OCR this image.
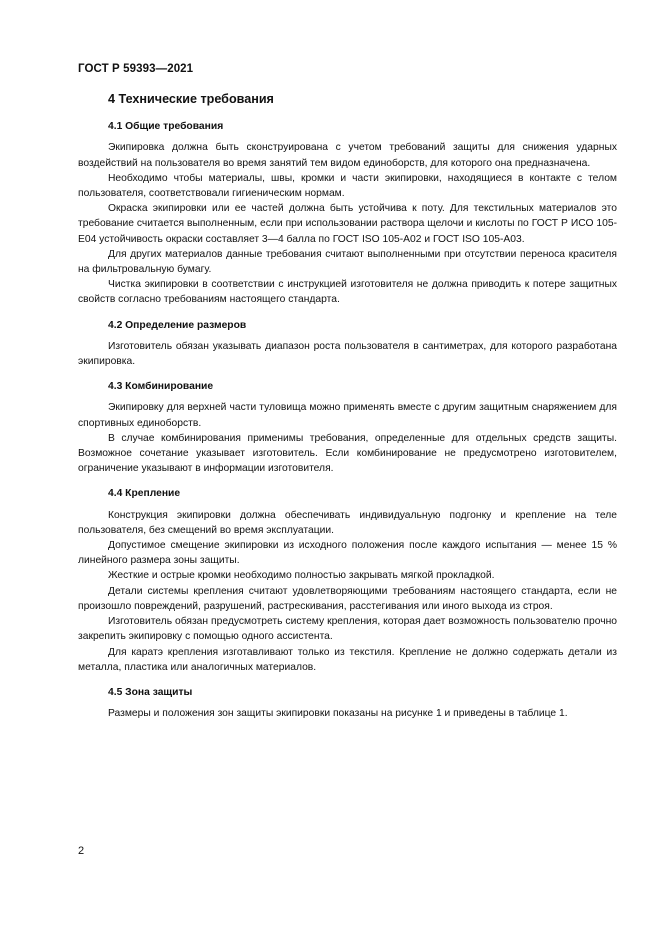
ГОСТ Р 59393—2021
4 Технические требования
4.1 Общие требования

Экипировка должна быть сконструирована с учетом требований защиты для снижения ударных воздействий на пользователя во время занятий тем видом единоборств, для которого она предназначена.

Необходимо чтобы материалы, швы, кромки и части экипировки, находящиеся в контакте с телом пользователя, соответствовали гигиеническим нормам.

Окраска экипировки или ее частей должна быть устойчива к поту. Для текстильных материалов это требование считается выполненным, если при использовании раствора щелочи и кислоты по ГОСТ Р ИСО 105-E04 устойчивость окраски составляет 3—4 балла по ГОСТ ISO 105-A02 и ГОСТ ISO 105-A03.

Для других материалов данные требования считают выполненными при отсутствии переноса красителя на фильтровальную бумагу.

Чистка экипировки в соответствии с инструкцией изготовителя не должна приводить к потере защитных свойств согласно требованиям настоящего стандарта.

4.2 Определение размеров

Изготовитель обязан указывать диапазон роста пользователя в сантиметрах, для которого разработана экипировка.

4.3 Комбинирование

Экипировку для верхней части туловища можно применять вместе с другим защитным снаряжением для спортивных единоборств.

В случае комбинирования применимы требования, определенные для отдельных средств защиты. Возможное сочетание указывает изготовитель. Если комбинирование не предусмотрено изготовителем, ограничение указывают в информации изготовителя.

4.4 Крепление

Конструкция экипировки должна обеспечивать индивидуальную подгонку и крепление на теле пользователя, без смещений во время эксплуатации.

Допустимое смещение экипировки из исходного положения после каждого испытания — менее 15 % линейного размера зоны защиты.

Жесткие и острые кромки необходимо полностью закрывать мягкой прокладкой.

Детали системы крепления считают удовлетворяющими требованиям настоящего стандарта, если не произошло повреждений, разрушений, растрескивания, расстегивания или иного выхода из строя.

Изготовитель обязан предусмотреть систему крепления, которая дает возможность пользователю прочно закрепить экипировку с помощью одного ассистента.

Для каратэ крепления изготавливают только из текстиля. Крепление не должно содержать детали из металла, пластика или аналогичных материалов.

4.5 Зона защиты

Размеры и положения зон защиты экипировки показаны на рисунке 1 и приведены в таблице 1.

2
